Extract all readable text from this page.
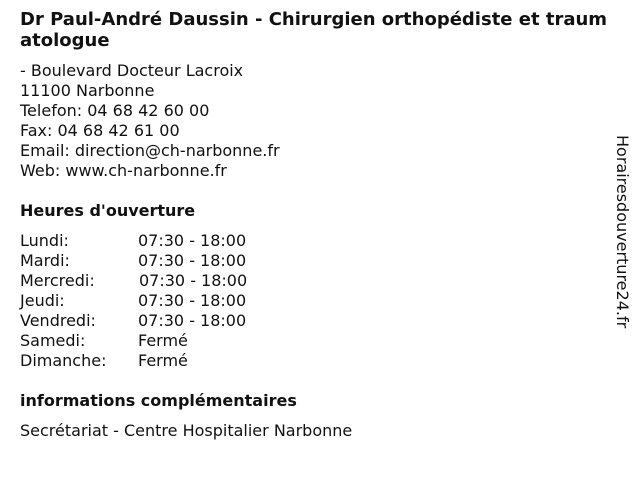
Dr Paul-André Daussin - Chirurgien orthopédiste et traumatologue
- Boulevard Docteur Lacroix
11100 Narbonne
Telefon: 04 68 42 60 00
Fax: 04 68 42 61 00
Email: direction@ch-narbonne.fr
Web: www.ch-narbonne.fr
Heures d'ouverture
Lundi:	07:30 - 18:00
Mardi:	07:30 - 18:00
Mercredi:	07:30 - 18:00
Jeudi:	07:30 - 18:00
Vendredi:	07:30 - 18:00
Samedi:	Fermé
Dimanche:	Fermé
informations complémentaires
Secrétariat - Centre Hospitalier Narbonne
Horairesdouverture24.fr
